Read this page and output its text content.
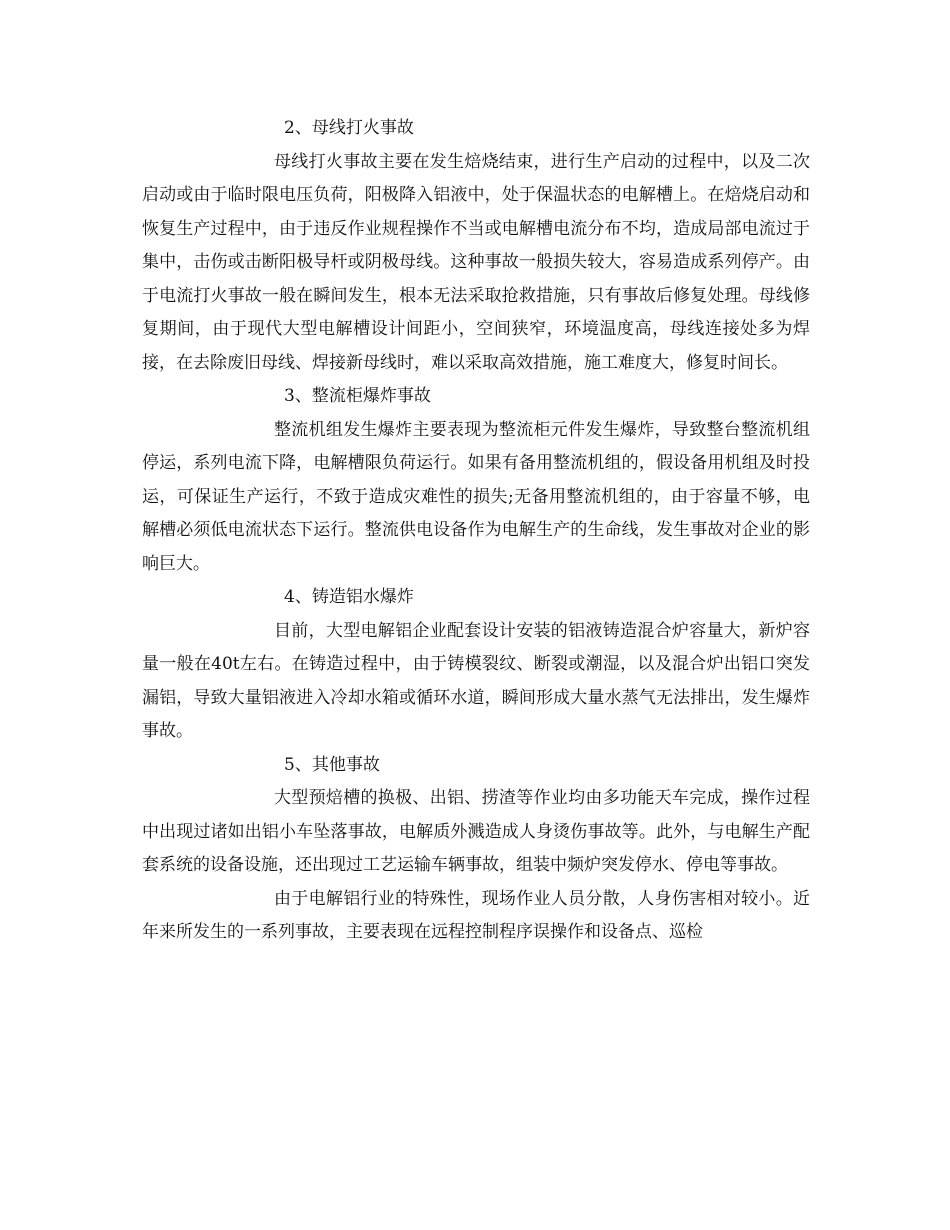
2、母线打火事故

母线打火事故主要在发生焙烧结束，进行生产启动的过程中，以及二次启动或由于临时限电压负荷，阳极降入铝液中，处于保温状态的电解槽上。在焙烧启动和恢复生产过程中，由于违反作业规程操作不当或电解槽电流分布不均，造成局部电流过于集中，击伤或击断阳极导杆或阴极母线。这种事故一般损失较大，容易造成系列停产。由于电流打火事故一般在瞬间发生，根本无法采取抢救措施，只有事故后修复处理。母线修复期间，由于现代大型电解槽设计间距小，空间狭窄，环境温度高，母线连接处多为焊接，在去除废旧母线、焊接新母线时，难以采取高效措施，施工难度大，修复时间长。

3、整流柜爆炸事故

整流机组发生爆炸主要表现为整流柜元件发生爆炸，导致整台整流机组停运，系列电流下降，电解槽限负荷运行。如果有备用整流机组的，假设备用机组及时投运，可保证生产运行，不致于造成灾难性的损失;无备用整流机组的，由于容量不够，电解槽必须低电流状态下运行。整流供电设备作为电解生产的生命线，发生事故对企业的影响巨大。

4、铸造铝水爆炸

目前，大型电解铝企业配套设计安装的铝液铸造混合炉容量大，新炉容量一般在40t左右。在铸造过程中，由于铸模裂纹、断裂或潮湿，以及混合炉出铝口突发漏铝，导致大量铝液进入冷却水箱或循环水道，瞬间形成大量水蒸气无法排出，发生爆炸事故。

5、其他事故

大型预焙槽的换极、出铝、捞渣等作业均由多功能天车完成，操作过程中出现过诸如出铝小车坠落事故，电解质外溅造成人身烫伤事故等。此外，与电解生产配套系统的设备设施，还出现过工艺运输车辆事故，组装中频炉突发停水、停电等事故。

由于电解铝行业的特殊性，现场作业人员分散，人身伤害相对较小。近年来所发生的一系列事故，主要表现在远程控制程序误操作和设备点、巡检
